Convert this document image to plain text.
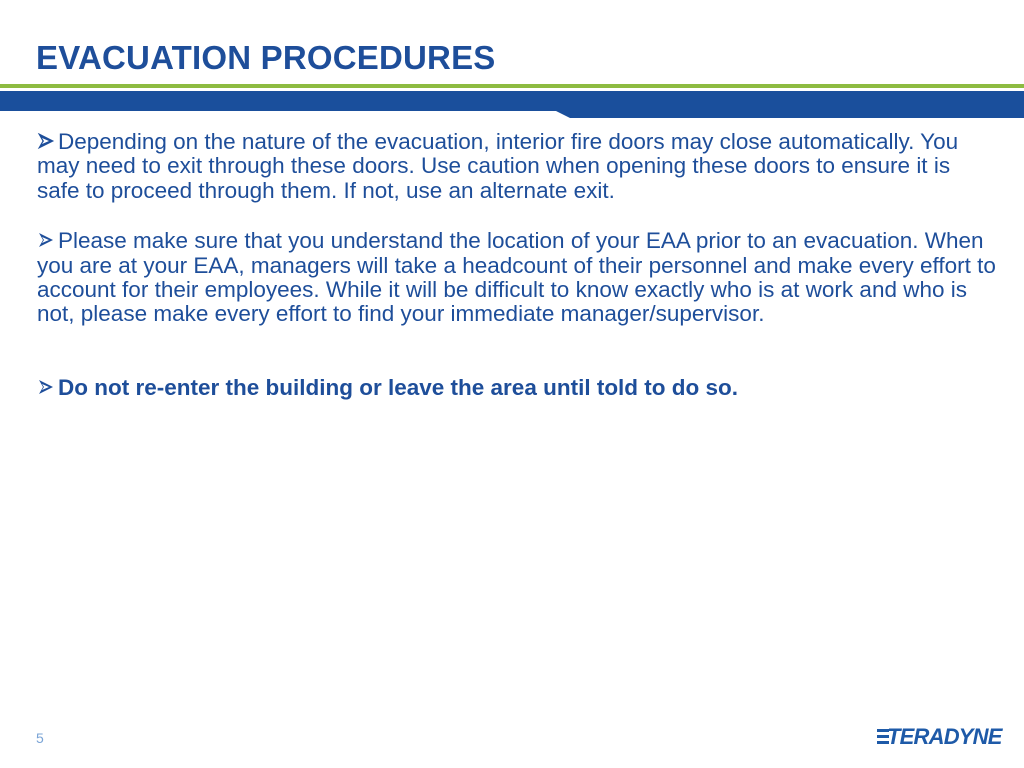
EVACUATION PROCEDURES

Depending on the nature of the evacuation, interior fire doors may close automatically. You may need to exit through these doors. Use caution when opening these doors to ensure it is safe to proceed through them. If not, use an alternate exit.

Please make sure that you understand the location of your EAA prior to an evacuation. When you are at your EAA, managers will take a headcount of their personnel and make every effort to account for their employees. While it will be difficult to know exactly who is at work and who is not, please make every effort to find your immediate manager/supervisor.

Do not re-enter the building or leave the area until told to do so.

5	TERADYNE
